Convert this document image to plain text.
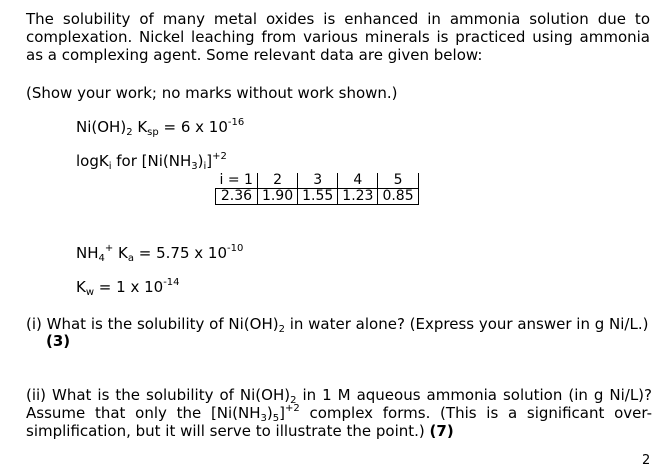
The solubility of many metal oxides is enhanced in ammonia solution due to complexation. Nickel leaching from various minerals is practiced using ammonia as a complexing agent. Some relevant data are given below:

(Show your work; no marks without work shown.)

$Ni(OH)_2$ $K_{sp} = 6$ x $10^{-16}$

logK$_i$ for $[Ni(NH_3)_i]^{+2}$

i = 1	2	3	4	5
2.36	1.90	1.55	1.23	0.85

$NH_4^+$ $K_a = 5.75$ x $10^{-10}$

$K_w = 1$ x $10^{-14}$

(i) What is the solubility of $Ni(OH)_2$ in water alone? (Express your answer in g Ni/L.)

(3)

(ii) What is the solubility of $Ni(OH)_2$ in 1 M aqueous ammonia solution (in g Ni/L)? Assume that only the $[Ni(NH_3)_5]^{+2}$ complex forms. (This is a significant over-simplification, but it will serve to illustrate the point.) (7)

2
